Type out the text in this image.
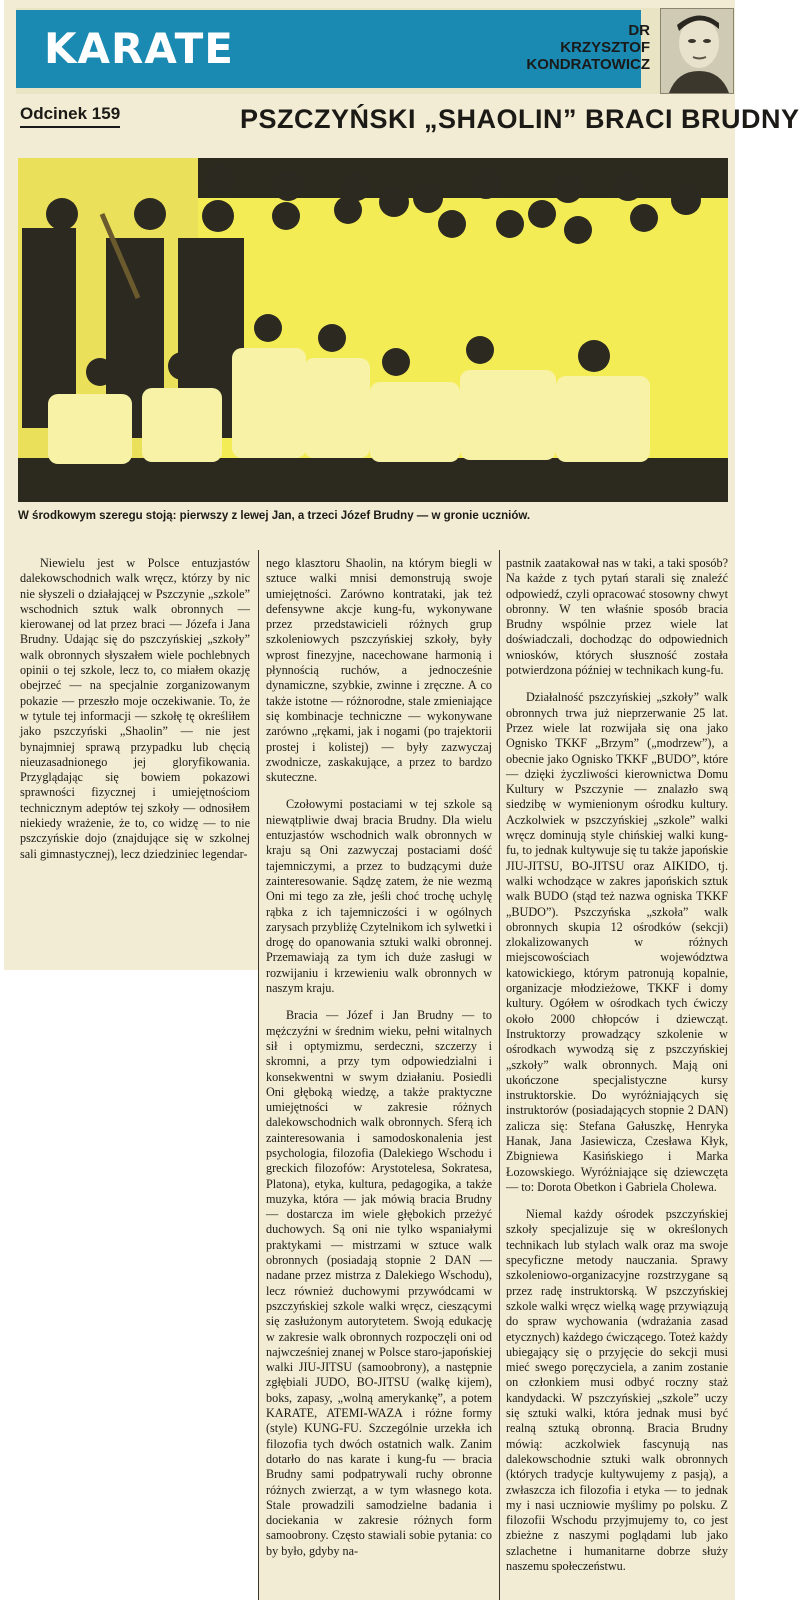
KARATE	DR
KRZYSZTOF
KONDRATOWICZ
Odcinek 159	PSZCZYŃSKI „SHAOLIN” BRACI BRUDNY
W środkowym szeregu stoją: pierwszy z lewej Jan, a trzeci Józef Brudny — w gronie uczniów.

Niewielu jest w Polsce entuzjastów dalekowschodnich walk wręcz, którzy by nic nie słyszeli o działającej w Pszczynie „szkole” wschodnich sztuk walk obronnych — kierowanej od lat przez braci — Józefa i Jana Brudny. Udając się do pszczyńskiej „szkoły” walk obronnych słyszałem wiele pochlebnych opinii o tej szkole, lecz to, co miałem okazję obejrzeć — na specjalnie zorganizowanym pokazie — przeszło moje oczekiwanie. To, że w tytule tej informacji — szkołę tę określiłem jako pszczyński „Shaolin” — nie jest bynajmniej sprawą przypadku lub chęcią nieuzasadnionego jej gloryfikowania. Przyglądając się bowiem pokazowi sprawności fizycznej i umiejętnościom technicznym adeptów tej szkoły — odnosiłem niekiedy wrażenie, że to, co widzę — to nie pszczyńskie dojo (znajdujące się w szkolnej sali gimnastycznej), lecz dziedziniec legendar-

nego klasztoru Shaolin, na którym biegli w sztuce walki mnisi demonstrują swoje umiejętności. Zarówno kontrataki, jak też defensywne akcje kung-fu, wykonywane przez przedstawicieli różnych grup szkoleniowych pszczyńskiej szkoły, były wprost finezyjne, nacechowane harmonią i płynnością ruchów, a jednocześnie dynamiczne, szybkie, zwinne i zręczne. A co także istotne — różnorodne, stale zmieniające się kombinacje techniczne — wykonywane zarówno „rękami, jak i nogami (po trajektorii prostej i kolistej) — były zazwyczaj zwodnicze, zaskakujące, a przez to bardzo skuteczne.

Czołowymi postaciami w tej szkole są niewątpliwie dwaj bracia Brudny. Dla wielu entuzjastów wschodnich walk obronnych w kraju są Oni zazwyczaj postaciami dość tajemniczymi, a przez to budzącymi duże zainteresowanie. Sądzę zatem, że nie wezmą Oni mi tego za złe, jeśli choć trochę uchylę rąbka z ich tajemniczości i w ogólnych zarysach przybliżę Czytelnikom ich sylwetki i drogę do opanowania sztuki walki obronnej. Przemawiają za tym ich duże zasługi w rozwijaniu i krzewieniu walk obronnych w naszym kraju.

Bracia — Józef i Jan Brudny — to mężczyźni w średnim wieku, pełni witalnych sił i optymizmu, serdeczni, szczerzy i skromni, a przy tym odpowiedzialni i konsekwentni w swym działaniu. Posiedli Oni głęboką wiedzę, a także praktyczne umiejętności w zakresie różnych dalekowschodnich walk obronnych. Sferą ich zainteresowania i samodoskonalenia jest psychologia, filozofia (Dalekiego Wschodu i greckich filozofów: Arystotelesa, Sokratesa, Platona), etyka, kultura, pedagogika, a także muzyka, która — jak mówią bracia Brudny — dostarcza im wiele głębokich przeżyć duchowych. Są oni nie tylko wspaniałymi praktykami — mistrzami w sztuce walk obronnych (posiadają stopnie 2 DAN — nadane przez mistrza z Dalekiego Wschodu), lecz również duchowymi przywódcami w pszczyńskiej szkole walki wręcz, cieszącymi się zasłużonym autorytetem. Swoją edukację w zakresie walk obronnych rozpoczęli oni od najwcześniej znanej w Polsce staro-japońskiej walki JIU-JITSU (samoobrony), a następnie zgłębiali JUDO, BO-JITSU (walkę kijem), boks, zapasy, „wolną amerykankę”, a potem KARATE, ATEMI-WAZA i różne formy (style) KUNG-FU. Szczególnie urzekła ich filozofia tych dwóch ostatnich walk. Zanim dotarło do nas karate i kung-fu — bracia Brudny sami podpatrywali ruchy obronne różnych zwierząt, a w tym własnego kota. Stale prowadzili samodzielne badania i dociekania w zakresie różnych form samoobrony. Często stawiali sobie pytania: co by było, gdyby na-

pastnik zaatakował nas w taki, a taki sposób? Na każde z tych pytań starali się znaleźć odpowiedź, czyli opracować stosowny chwyt obronny. W ten właśnie sposób bracia Brudny wspólnie przez wiele lat doświadczali, dochodząc do odpowiednich wniosków, których słuszność została potwierdzona później w technikach kung-fu.

Działalność pszczyńskiej „szkoły” walk obronnych trwa już nieprzerwanie 25 lat. Przez wiele lat rozwijała się ona jako Ognisko TKKF „Brzym” („modrzew”), a obecnie jako Ognisko TKKF „BUDO”, które — dzięki życzliwości kierownictwa Domu Kultury w Pszczynie — znalazło swą siedzibę w wymienionym ośrodku kultury. Aczkolwiek w pszczyńskiej „szkole” walki wręcz dominują style chińskiej walki kung-fu, to jednak kultywuje się tu także japońskie JIU-JITSU, BO-JITSU oraz AIKIDO, tj. walki wchodzące w zakres japońskich sztuk walk BUDO (stąd też nazwa ogniska TKKF „BUDO”). Pszczyńska „szkoła” walk obronnych skupia 12 ośrodków (sekcji) zlokalizowanych w różnych miejscowościach województwa katowickiego, którym patronują kopalnie, organizacje młodzieżowe, TKKF i domy kultury. Ogółem w ośrodkach tych ćwiczy około 2000 chłopców i dziewcząt. Instruktorzy prowadzący szkolenie w ośrodkach wywodzą się z pszczyńskiej „szkoły” walk obronnych. Mają oni ukończone specjalistyczne kursy instruktorskie. Do wyróżniających się instruktorów (posiadających stopnie 2 DAN) zalicza się: Stefana Gałuszkę, Henryka Hanak, Jana Jasiewicza, Czesława Kłyk, Zbigniewa Kasińskiego i Marka Łozowskiego. Wyróżniające się dziewczęta — to: Dorota Obetkon i Gabriela Cholewa.

Niemal każdy ośrodek pszczyńskiej szkoły specjalizuje się w określonych technikach lub stylach walk oraz ma swoje specyficzne metody nauczania. Sprawy szkoleniowo-organizacyjne rozstrzygane są przez radę instruktorską. W pszczyńskiej szkole walki wręcz wielką wagę przywiązują do spraw wychowania (wdrażania zasad etycznych) każdego ćwiczącego. Toteż każdy ubiegający się o przyjęcie do sekcji musi mieć swego poręczyciela, a zanim zostanie on członkiem musi odbyć roczny staż kandydacki. W pszczyńskiej „szkole” uczy się sztuki walki, która jednak musi być realną sztuką obronną. Bracia Brudny mówią: aczkolwiek fascynują nas dalekowschodnie sztuki walk obronnych (których tradycje kultywujemy z pasją), a zwłaszcza ich filozofia i etyka — to jednak my i nasi uczniowie myślimy po polsku. Z filozofii Wschodu przyjmujemy to, co jest zbieżne z naszymi poglądami lub jako szlachetne i humanitarne dobrze służy naszemu społeczeństwu.
